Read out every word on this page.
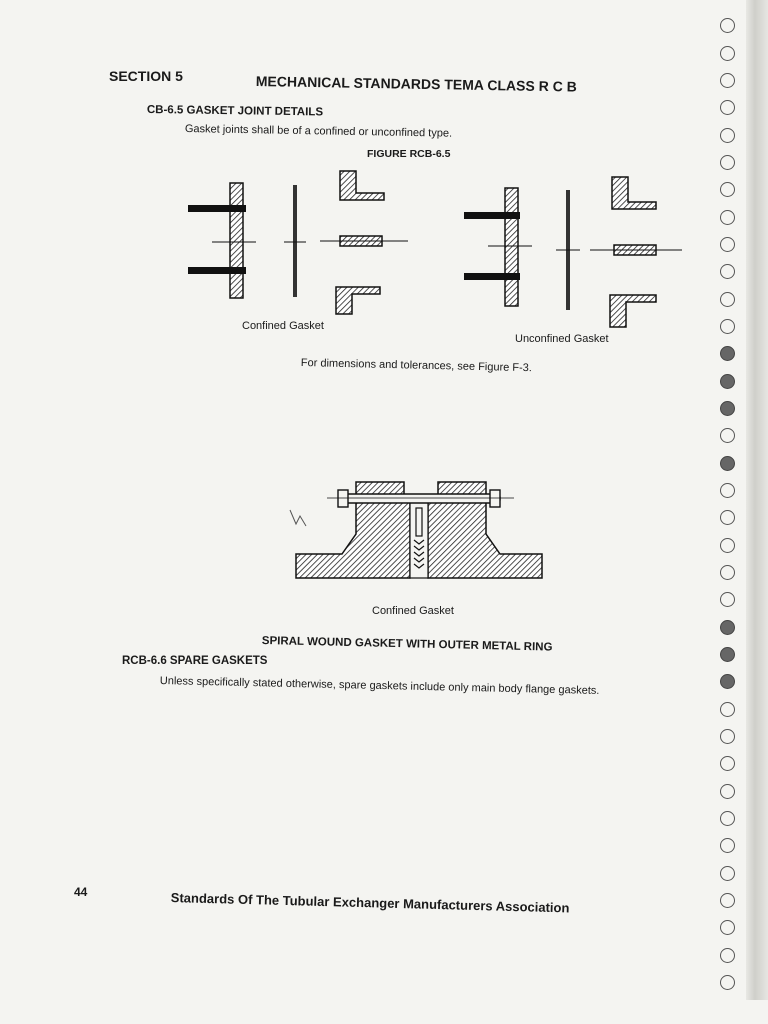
SECTION 5	MECHANICAL STANDARDS TEMA CLASS R C B
CB-6.5 GASKET JOINT DETAILS
Gasket joints shall be of a confined or unconfined type.
FIGURE RCB-6.5
Confined Gasket
Unconfined Gasket
For dimensions and tolerances, see Figure F-3.
Confined Gasket
SPIRAL WOUND GASKET WITH OUTER METAL RING
RCB-6.6 SPARE GASKETS
Unless specifically stated otherwise, spare gaskets include only main body flange gaskets.
44	Standards Of The Tubular Exchanger Manufacturers Association
